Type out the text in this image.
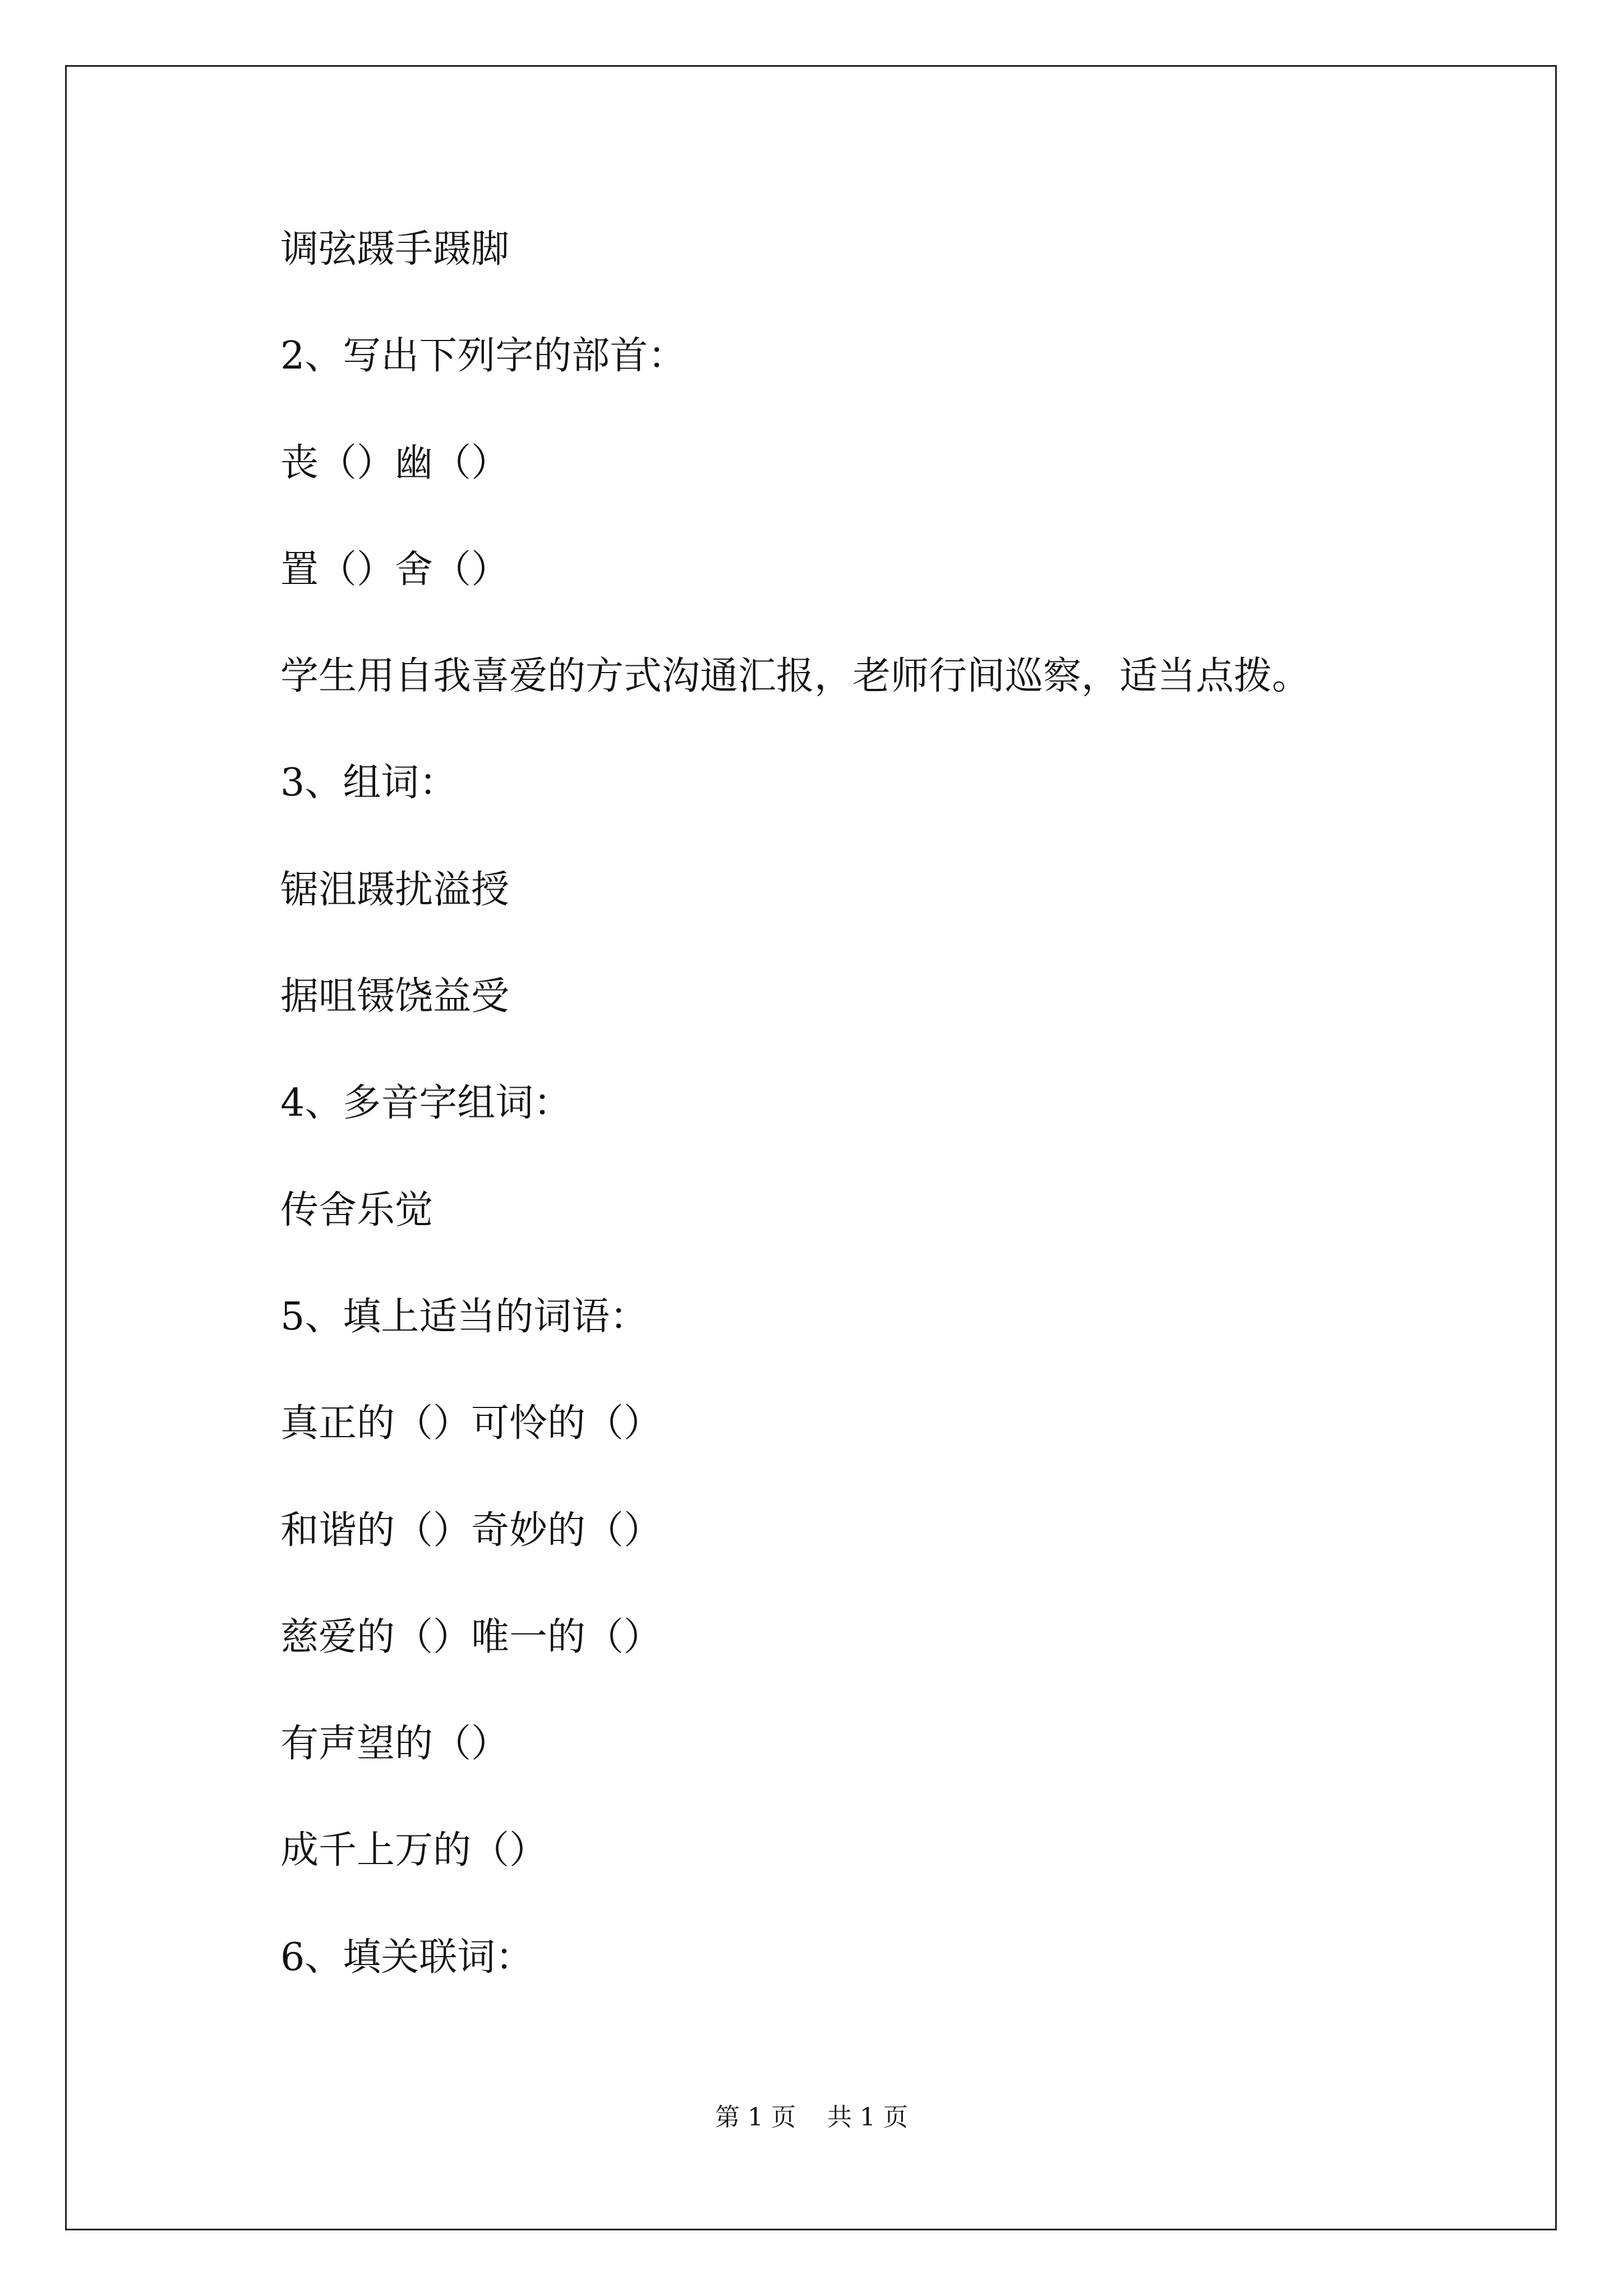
调弦蹑手蹑脚
2、写出下列字的部首：
丧（）幽（）
置（）舍（）
学生用自我喜爱的方式沟通汇报，老师行间巡察，适当点拨。
3、组词：
锯沮蹑扰溢授
据咀镊饶益受
4、多音字组词：
传舍乐觉
5、填上适当的词语：
真正的（）可怜的（）
和谐的（）奇妙的（）
慈爱的（）唯一的（）
有声望的（）
成千上万的（）
6、填关联词：
第 1 页    共 1 页
